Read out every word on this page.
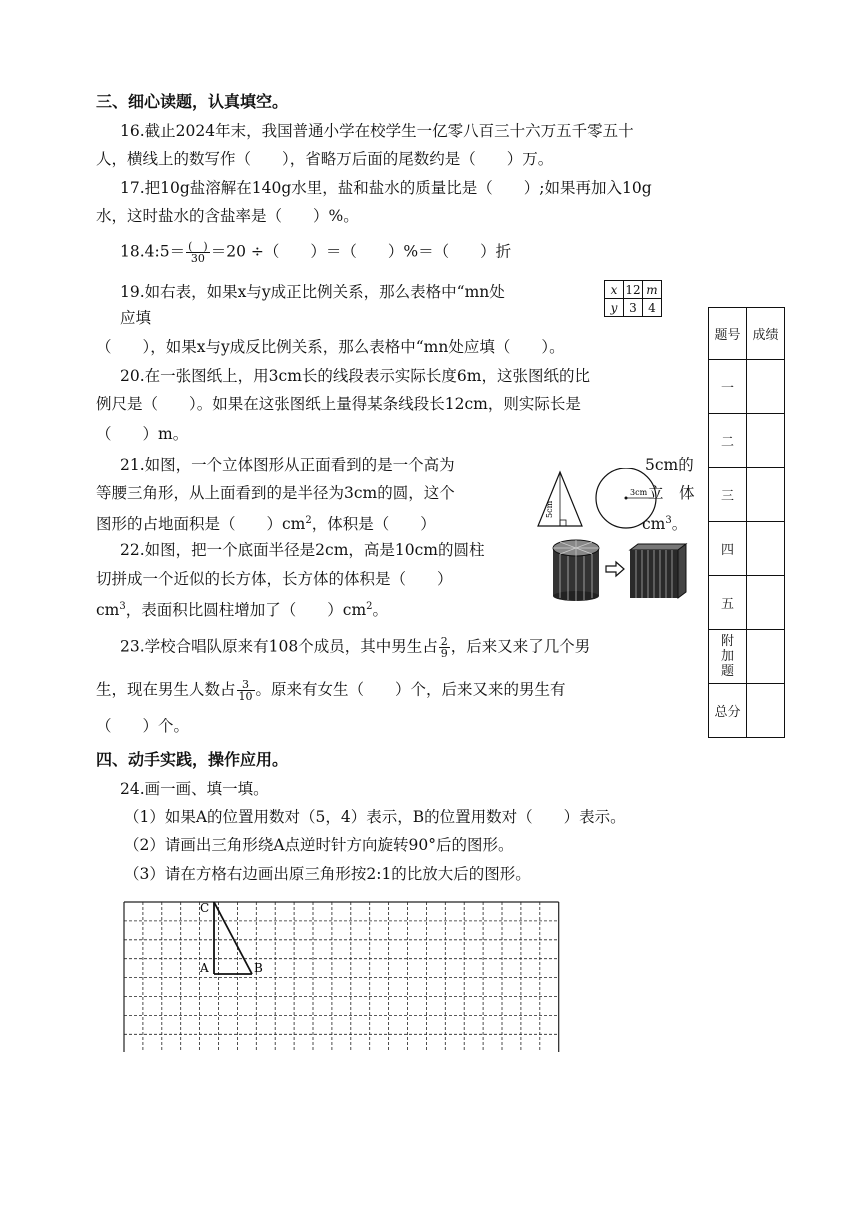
三、细心读题，认真填空。
16.截止2024年末，我国普通小学在校学生一亿零八百三十六万五千零五十
人，横线上的数写作（　　），省略万后面的尾数约是（　　）万。
17.把10g盐溶解在140g水里，盐和盐水的质量比是（　　）;如果再加入10g
水，这时盐水的含盐率是（　　）%。
18.4:5＝ $\frac{( )}{30} =20$ ÷（　　）＝（　　）%＝（　　）折
19.如右表，如果x与y成正比例关系，那么表格中“mn处
应填
x	12	m
y	3	4
（　　），如果x与y成反比例关系，那么表格中“mn处应填（　　）。
20.在一张图纸上，用3cm长的线段表示实际长度6m，这张图纸的比
例尺是（　　）。如果在这张图纸上量得某条线段长12cm，则实际长是
（　　）m。
21.如图，一个立体图形从正面看到的是一个高为	5cm的
等腰三角形，从上面看到的是半径为3cm的圆，这个	立　体
图形的占地面积是（　　）$cm^2$，体积是（　　）	$cm^3$。
5cm
3cm
22.如图，把一个底面半径是2cm，高是10cm的圆柱
切拼成一个近似的长方体，长方体的体积是（　　）
$cm^3$，表面积比圆柱增加了（　　）$cm^2$。
23.学校合唱队原来有108个成员，其中男生占 $\frac{2}{9}$ ，后来又来了几个男
生，现在男生人数占 $\frac{3}{10}$ 。原来有女生（　　）个，后来又来的男生有
（　　）个。
四、动手实践，操作应用。
24.画一画、填一填。
（1）如果A的位置用数对（5，4）表示，B的位置用数对（　　）表示。
（2）请画出三角形绕A点逆时针方向旋转90°后的图形。
（3）请在方格右边画出原三角形按2:1的比放大后的图形。
C
A	B
题号	成绩
一	
二	
三	
四	
五	
附加题	
总分	
